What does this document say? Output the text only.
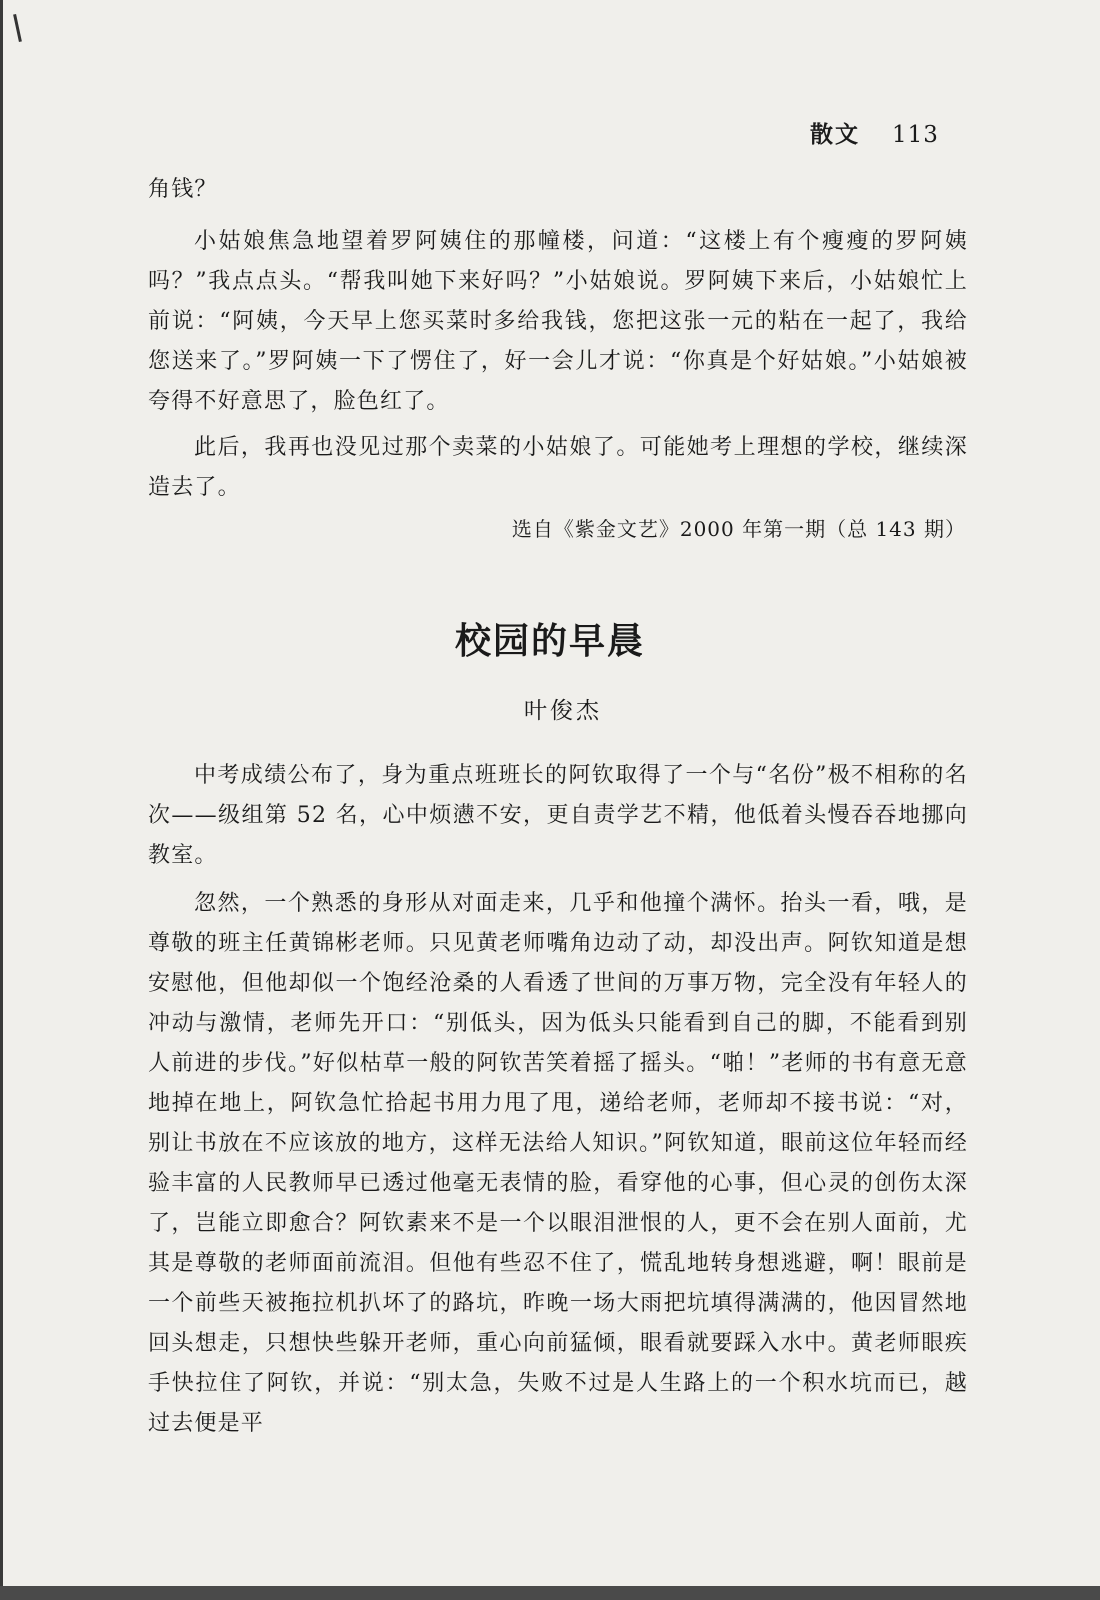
散文 113

角钱？

小姑娘焦急地望着罗阿姨住的那幢楼，问道：“这楼上有个瘦瘦的罗阿姨吗？”我点点头。“帮我叫她下来好吗？”小姑娘说。罗阿姨下来后，小姑娘忙上前说：“阿姨，今天早上您买菜时多给我钱，您把这张一元的粘在一起了，我给您送来了。”罗阿姨一下了愣住了，好一会儿才说：“你真是个好姑娘。”小姑娘被夸得不好意思了，脸色红了。

此后，我再也没见过那个卖菜的小姑娘了。可能她考上理想的学校，继续深造去了。

选自《紫金文艺》2000 年第一期（总 143 期）
校园的早晨
叶俊杰

中考成绩公布了，身为重点班班长的阿钦取得了一个与“名份”极不相称的名次——级组第 52 名，心中烦懑不安，更自责学艺不精，他低着头慢吞吞地挪向教室。

忽然，一个熟悉的身形从对面走来，几乎和他撞个满怀。抬头一看，哦，是尊敬的班主任黄锦彬老师。只见黄老师嘴角边动了动，却没出声。阿钦知道是想安慰他，但他却似一个饱经沧桑的人看透了世间的万事万物，完全没有年轻人的冲动与激情，老师先开口：“别低头，因为低头只能看到自己的脚，不能看到别人前进的步伐。”好似枯草一般的阿钦苦笑着摇了摇头。“啪！”老师的书有意无意地掉在地上，阿钦急忙拾起书用力甩了甩，递给老师，老师却不接书说：“对，别让书放在不应该放的地方，这样无法给人知识。”阿钦知道，眼前这位年轻而经验丰富的人民教师早已透过他毫无表情的脸，看穿他的心事，但心灵的创伤太深了，岂能立即愈合？阿钦素来不是一个以眼泪泄恨的人，更不会在别人面前，尤其是尊敬的老师面前流泪。但他有些忍不住了，慌乱地转身想逃避，啊！眼前是一个前些天被拖拉机扒坏了的路坑，昨晚一场大雨把坑填得满满的，他因冒然地回头想走，只想快些躲开老师，重心向前猛倾，眼看就要踩入水中。黄老师眼疾手快拉住了阿钦，并说：“别太急，失败不过是人生路上的一个积水坑而已，越过去便是平
